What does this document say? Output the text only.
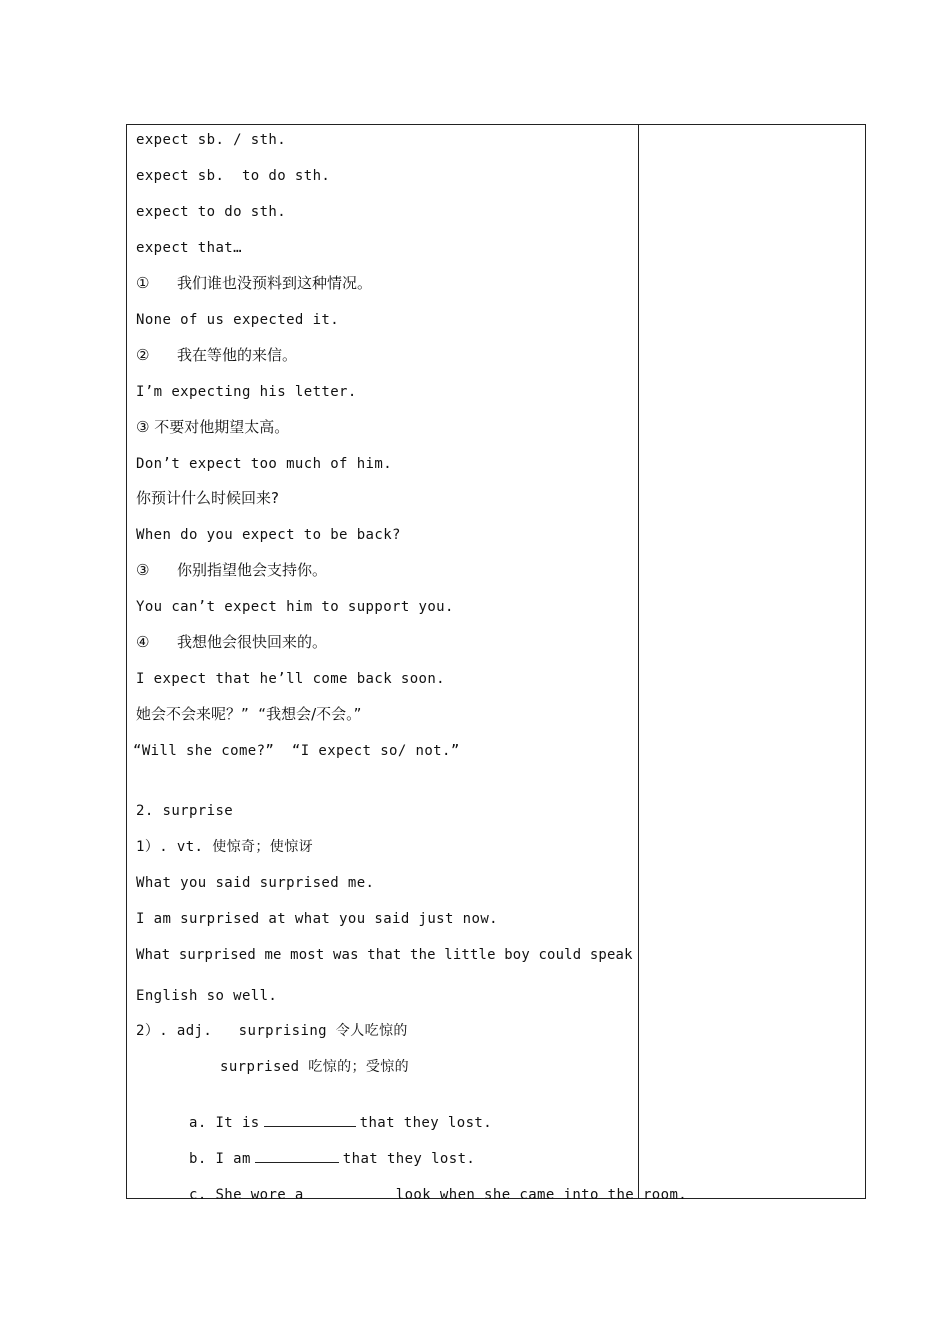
expect sb. / sth.
expect sb.  to do sth.
expect to do sth.
expect that…
① 我们谁也没预料到这种情况。
None of us expected it.
② 我在等他的来信。
I’m expecting his letter.
③ 不要对他期望太高。
Don’t expect too much of him.
你预计什么时候回来?
When do you expect to be back?
③ 你别指望他会支持你。
You can’t expect him to support you.
④ 我想他会很快回来的。
I expect that he’ll come back soon.
她会不会来呢？”  “我想会/不会。”
“Will she come?”  “I expect so/ not.”
2. surprise
1）. vt. 使惊奇；使惊讶
What you said surprised me.
I am surprised at what you said just now.
What surprised me most was that the little boy could speak
English so well.
2）. adj.   surprising 令人吃惊的
surprised 吃惊的；受惊的

a. It is	that they lost.

b. I am	that they lost.

c. She wore a	look when she came into the room.
